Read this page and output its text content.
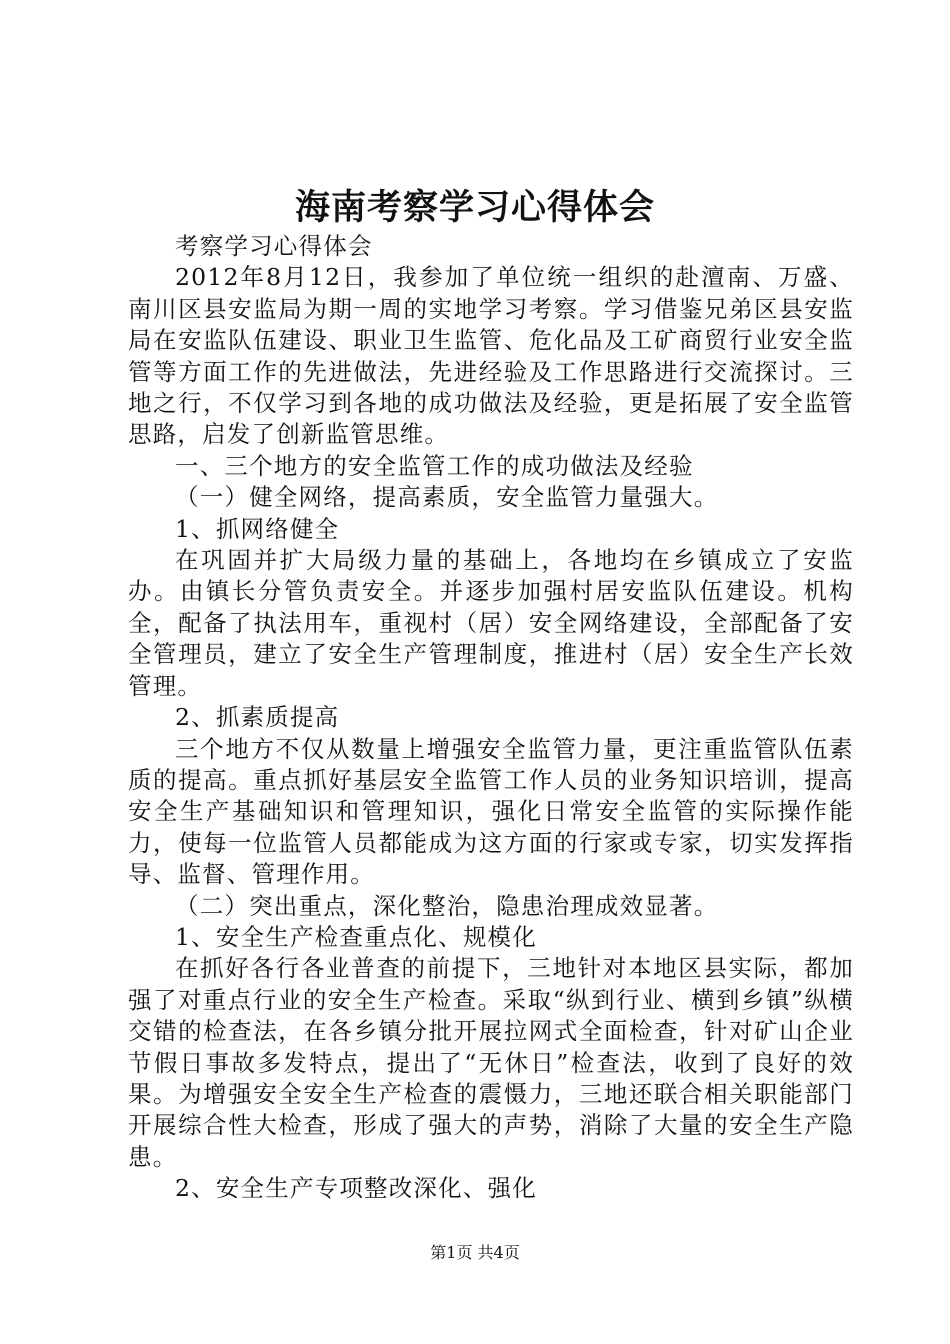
海南考察学习心得体会

考察学习心得体会

2012年8月12日，我参加了单位统一组织的赴澶南、万盛、南川区县安监局为期一周的实地学习考察。学习借鉴兄弟区县安监局在安监队伍建设、职业卫生监管、危化品及工矿商贸行业安全监管等方面工作的先进做法，先进经验及工作思路进行交流探讨。三地之行，不仅学习到各地的成功做法及经验，更是拓展了安全监管思路，启发了创新监管思维。

一、三个地方的安全监管工作的成功做法及经验

（一）健全网络，提高素质，安全监管力量强大。

1、抓网络健全

在巩固并扩大局级力量的基础上，各地均在乡镇成立了安监办。由镇长分管负责安全。并逐步加强村居安监队伍建设。机构全，配备了执法用车，重视村（居）安全网络建设，全部配备了安全管理员，建立了安全生产管理制度，推进村（居）安全生产长效管理。

2、抓素质提高

三个地方不仅从数量上增强安全监管力量，更注重监管队伍素质的提高。重点抓好基层安全监管工作人员的业务知识培训，提高安全生产基础知识和管理知识，强化日常安全监管的实际操作能力，使每一位监管人员都能成为这方面的行家或专家，切实发挥指导、监督、管理作用。

（二）突出重点，深化整治，隐患治理成效显著。

1、安全生产检查重点化、规模化

在抓好各行各业普查的前提下，三地针对本地区县实际，都加强了对重点行业的安全生产检查。采取“纵到行业、横到乡镇”纵横交错的检查法，在各乡镇分批开展拉网式全面检查，针对矿山企业节假日事故多发特点，提出了“无休日”检查法，收到了良好的效果。为增强安全安全生产检查的震慑力，三地还联合相关职能部门开展综合性大检查，形成了强大的声势，消除了大量的安全生产隐患。

2、安全生产专项整改深化、强化

第1页 共4页
